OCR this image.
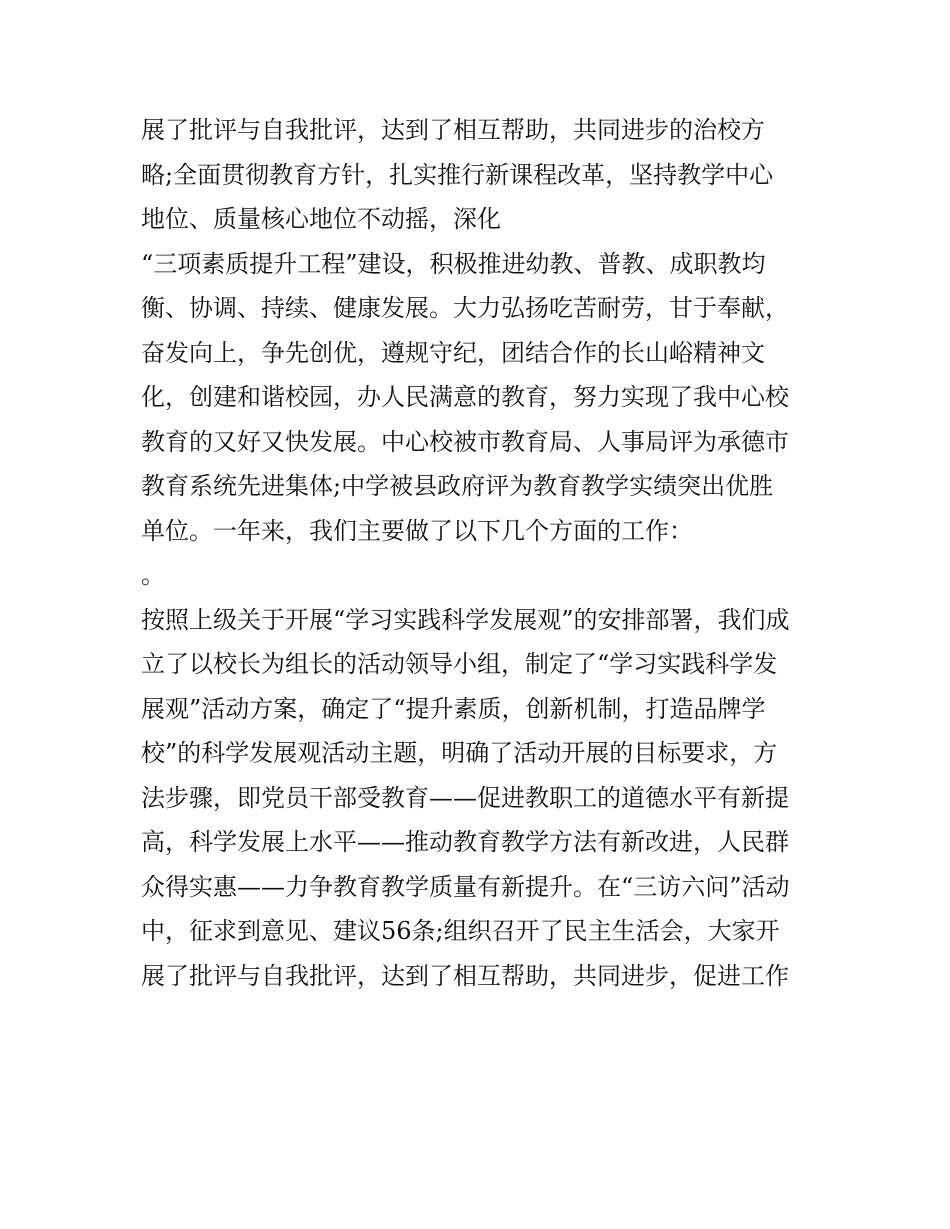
展了批评与自我批评，达到了相互帮助，共同进步的治校方
略;全面贯彻教育方针，扎实推行新课程改革，坚持教学中心
地位、质量核心地位不动摇，深化
“三项素质提升工程”建设，积极推进幼教、普教、成职教均
衡、协调、持续、健康发展。大力弘扬吃苦耐劳，甘于奉献，
奋发向上，争先创优，遵规守纪，团结合作的长山峪精神文
化，创建和谐校园，办人民满意的教育，努力实现了我中心校
教育的又好又快发展。中心校被市教育局、人事局评为承德市
教育系统先进集体;中学被县政府评为教育教学实绩突出优胜
单位。一年来，我们主要做了以下几个方面的工作：
。
按照上级关于开展“学习实践科学发展观”的安排部署，我们成
立了以校长为组长的活动领导小组，制定了“学习实践科学发
展观”活动方案，确定了“提升素质，创新机制，打造品牌学
校”的科学发展观活动主题，明确了活动开展的目标要求，方
法步骤，即党员干部受教育——促进教职工的道德水平有新提
高，科学发展上水平——推动教育教学方法有新改进，人民群
众得实惠——力争教育教学质量有新提升。在“三访六问”活动
中，征求到意见、建议56条;组织召开了民主生活会，大家开
展了批评与自我批评，达到了相互帮助，共同进步，促进工作
